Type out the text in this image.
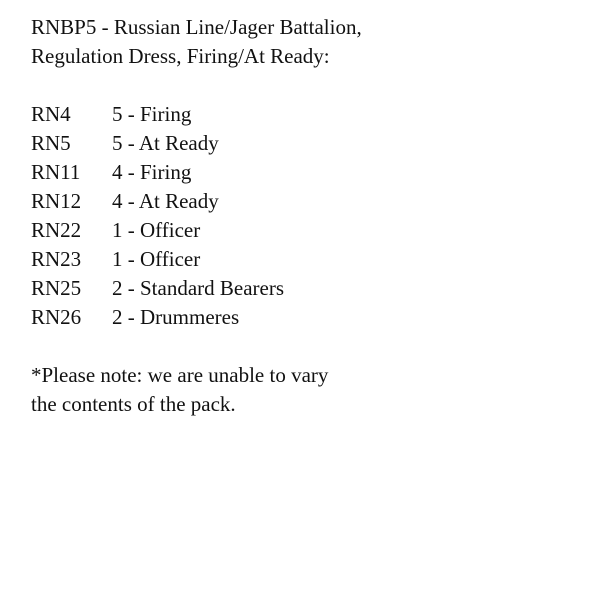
RNBP5 - Russian Line/Jager Battalion,
Regulation Dress, Firing/At Ready:
RN4	5 - Firing
RN5	5 - At Ready
RN11	4 - Firing
RN12	4 - At Ready
RN22	1 - Officer
RN23	1 - Officer
RN25	2 - Standard Bearers
RN26	2 - Drummeres
*Please note: we are unable to vary
the contents of the pack.
